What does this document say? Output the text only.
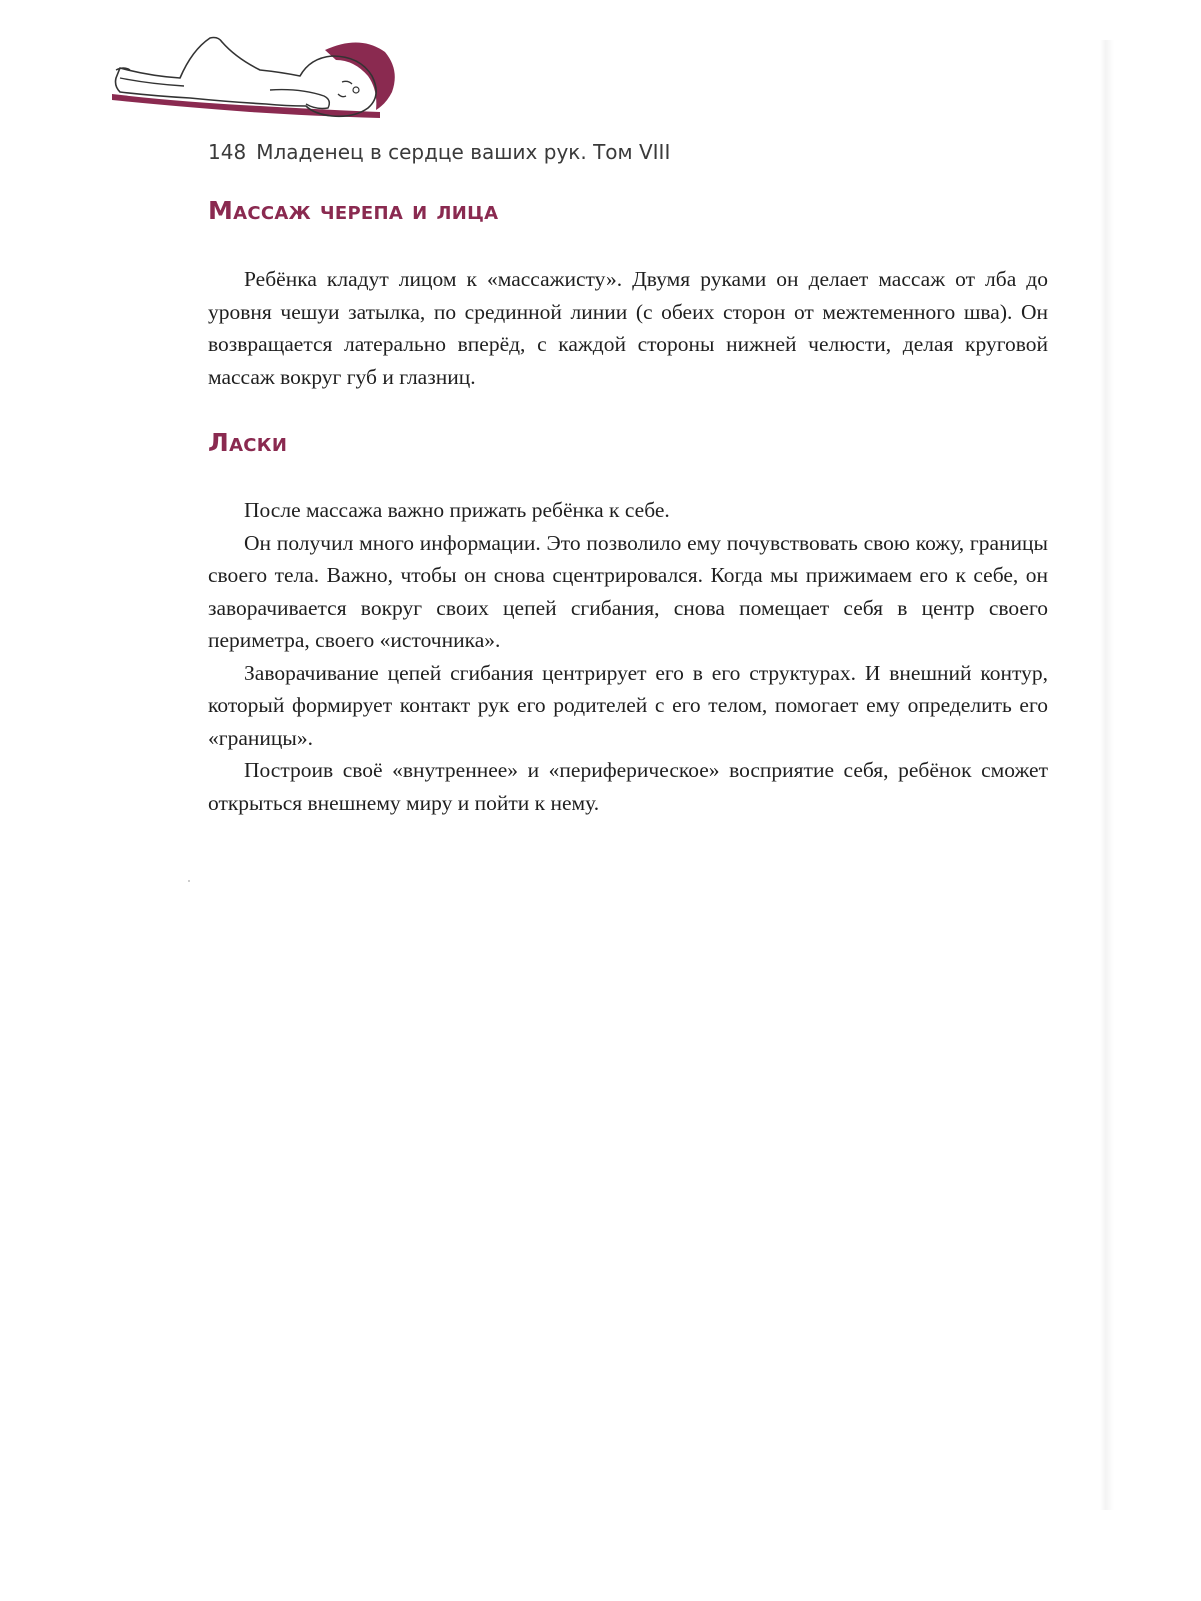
148 Младенец в сердце ваших рук. Том VIII
Массаж черепа и лица

Ребёнка кладут лицом к «массажисту». Двумя руками он делает массаж от лба до уровня чешуи затылка, по срединной линии (с обеих сторон от межтеменного шва). Он возвращается латерально вперёд, с каждой стороны нижней челюсти, делая круговой массаж вокруг губ и глазниц.

Ласки

После массажа важно прижать ребёнка к себе.

Он получил много информации. Это позволило ему почувствовать свою кожу, границы своего тела. Важно, чтобы он снова сцентрировался. Когда мы прижимаем его к себе, он заворачивается вокруг своих цепей сгибания, снова помещает себя в центр своего периметра, своего «источника».

Заворачивание цепей сгибания центрирует его в его структурах. И внешний контур, который формирует контакт рук его родителей с его телом, помогает ему определить его «границы».

Построив своё «внутреннее» и «периферическое» восприятие себя, ребёнок сможет открыться внешнему миру и пойти к нему.
